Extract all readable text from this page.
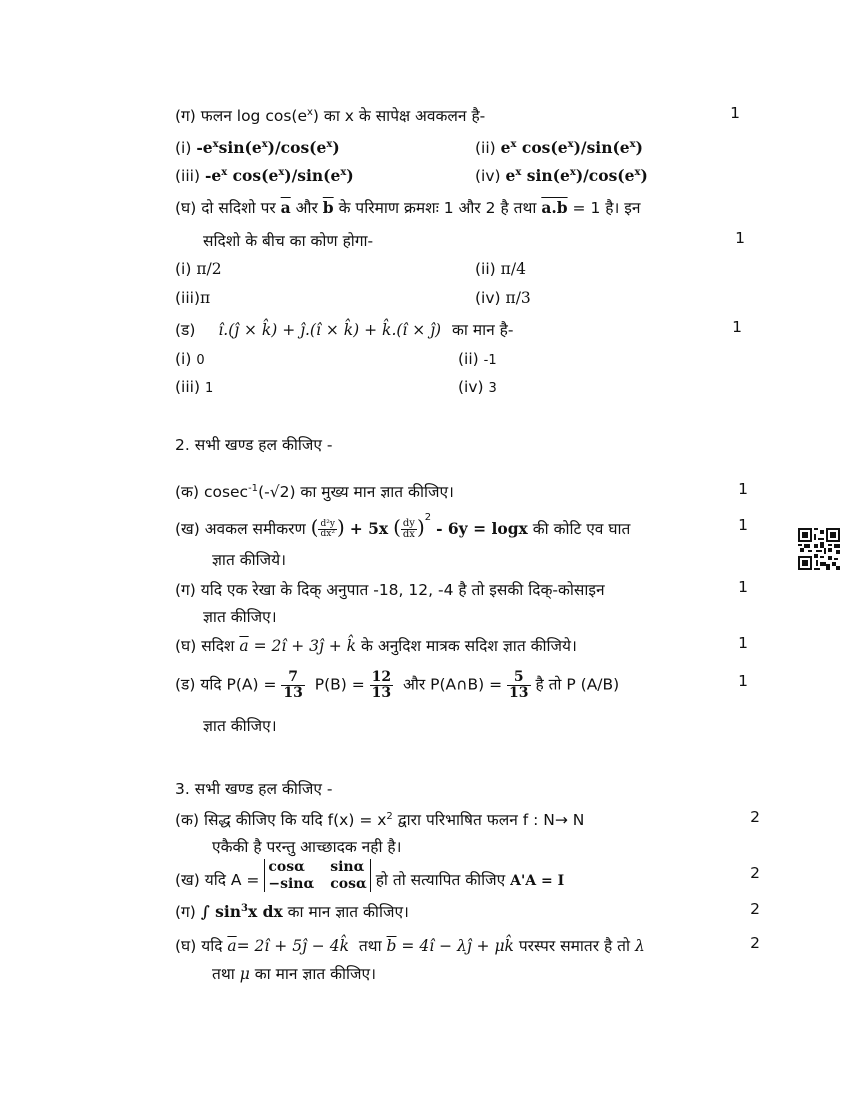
(ग) फलन $\log \cos(e^x)$ का x के सापेक्ष अवकलन है-	1
(i) $-e^x\sin(e^x)/\cos(e^x)$	(ii) $e^x$ $\cos(e^x)/\sin(e^x)$
(iii) $-e^x$ $\cos(e^x)/\sin(e^x)$	(iv) $e^x$ $\sin(e^x)/\cos(e^x)$
(घ) दो सदिशो पर $\overline{a}$ और $\overline{b}$ के परिमाण क्रमशः 1 और 2 है तथा a.b = 1 है। इन
सदिशो के बीच का कोण होगा-	1
(i) π/2	(ii) π/4
(iii)π	(iv) π/3
(ड) î.(ĵ × k̂) + ĵ.(î × k̂) + k̂.(î × ĵ) का मान है-	1
(i) 0	(ii) -1
(iii) 1	(iv) 3
2. सभी खण्ड हल कीजिए -
(क) cosec$^{-1}$(-√2) का मुख्य मान ज्ञात कीजिए।	1
(ख) अवकल समीकरण ( $\frac{\text{d²y}}{\text{dx²}}$ ) + 5x ( $\frac{dy}{dx} )^2 - 6y = \log x$ की कोटि एव घात
ज्ञात कीजिये।
1
(ग) यदि एक रेखा के दिक् अनुपात -18, 12, -4 है तो इसकी दिक्-कोसाइन
ज्ञात कीजिए।
1
(घ) सदिश $\overline{a}$ = 2î + 3ĵ + k̂ के अनुदिश मात्रक सदिश ज्ञात कीजिये।	1
(ड) यदि $P(A) = \frac{7}{13} P(B) = \frac{12}{13}$ और P(A∩B) = $\frac{5}{13}$ है तो P (A/B)
ज्ञात कीजिए।
1
3. सभी खण्ड हल कीजिए -
(क) सिद्ध कीजिए कि यदि $f(x) = x^2$ द्वारा परिभाषित फलन f : N→ N
एकैकी है परन्तु आच्छादक नही है।
2
(ख) यदि A =
cosα	sinα
−sinα	cosα हो तो सत्यापित कीजिए A'A = I	2
(ग) ∫ $\sin^3x$ dx का मान ज्ञात कीजिए।	2
(घ) यदि $\overline{a}=$ 2î + 5ĵ − 4k̂ तथा $\overline{b}$ = 4î − λĵ + μk̂ परस्पर समातर है तो λ
तथा μ का मान ज्ञात कीजिए।
2
